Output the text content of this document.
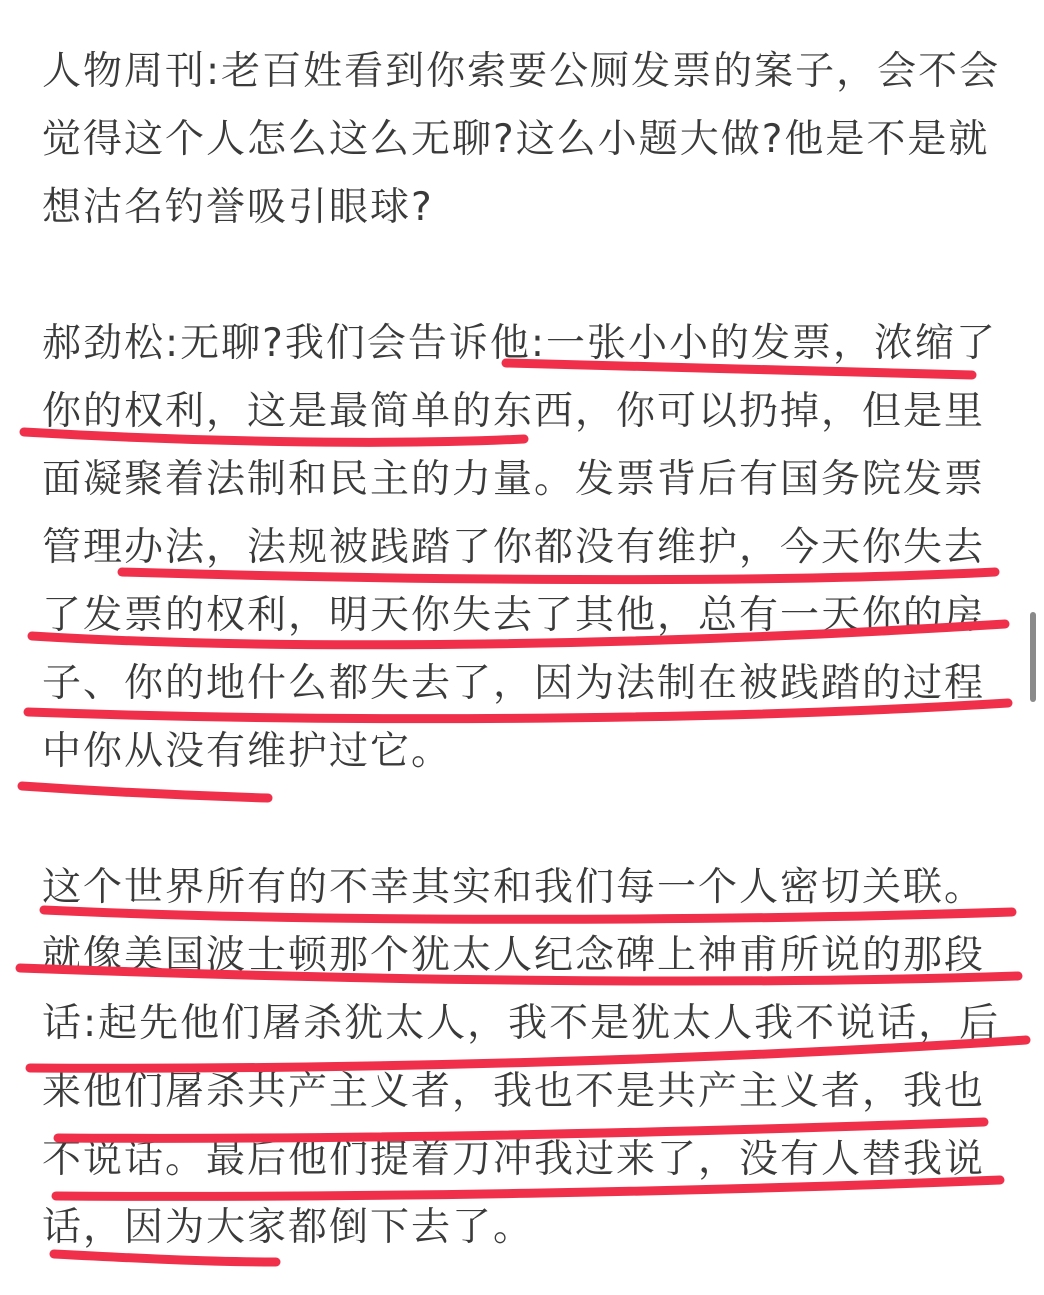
人物周刊:老百姓看到你索要公厕发票的案子，会不会觉得这个人怎么这么无聊?这么小题大做?他是不是就想沽名钓誉吸引眼球?

郝劲松:无聊?我们会告诉他:一张小小的发票，浓缩了你的权利，这是最简单的东西，你可以扔掉，但是里面凝聚着法制和民主的力量。发票背后有国务院发票管理办法，法规被践踏了你都没有维护，今天你失去了发票的权利，明天你失去了其他，总有一天你的房子、你的地什么都失去了，因为法制在被践踏的过程中你从没有维护过它。

这个世界所有的不幸其实和我们每一个人密切关联。就像美国波士顿那个犹太人纪念碑上神甫所说的那段话:起先他们屠杀犹太人，我不是犹太人我不说话，后来他们屠杀共产主义者，我也不是共产主义者，我也不说话。最后他们提着刀冲我过来了，没有人替我说话，因为大家都倒下去了。
